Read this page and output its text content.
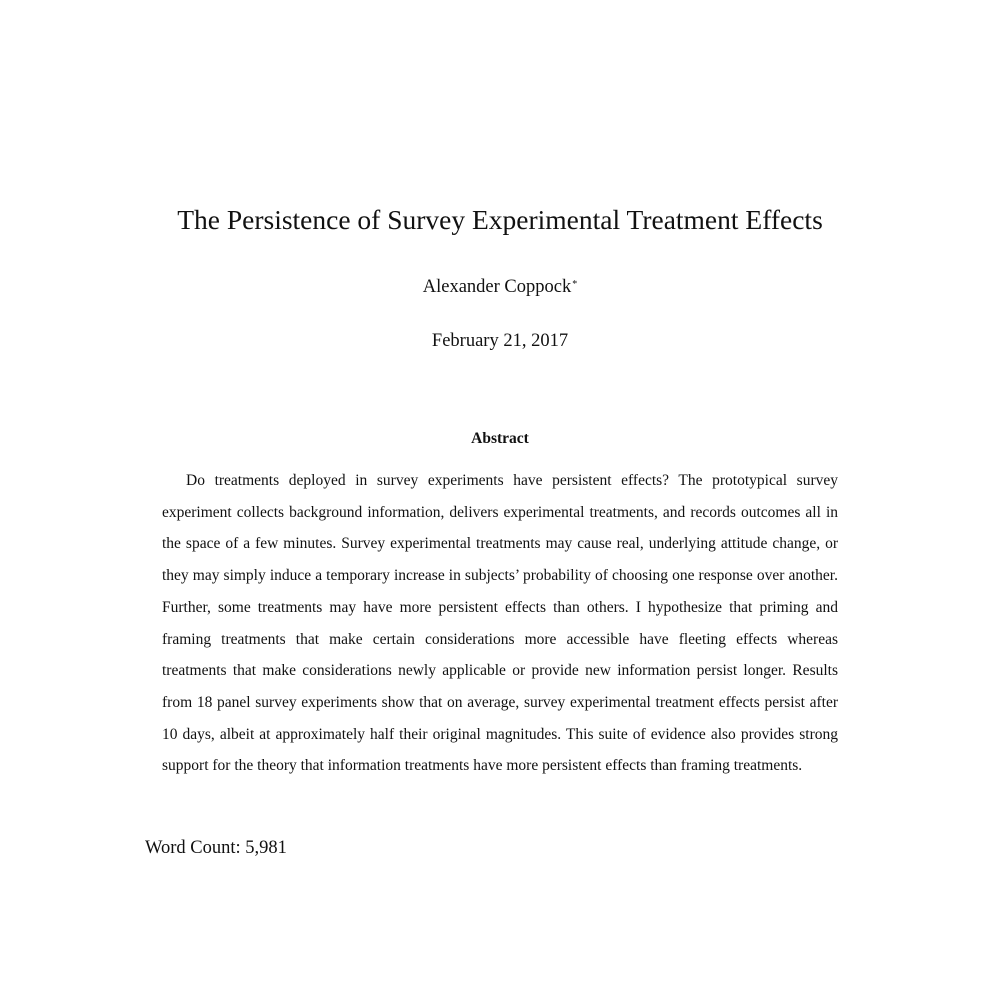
The Persistence of Survey Experimental Treatment Effects
Alexander Coppock*
February 21, 2017
Abstract

Do treatments deployed in survey experiments have persistent effects? The prototypical survey experiment collects background information, delivers experimental treatments, and records outcomes all in the space of a few minutes. Survey experimental treatments may cause real, underlying attitude change, or they may simply induce a temporary increase in subjects’ probability of choosing one response over another. Further, some treatments may have more persistent effects than others. I hypothesize that priming and framing treatments that make certain considerations more accessible have fleeting effects whereas treatments that make considerations newly applicable or provide new information persist longer. Results from 18 panel survey experiments show that on average, survey experimental treatment effects persist after 10 days, albeit at approximately half their original magnitudes. This suite of evidence also provides strong support for the theory that information treatments have more persistent effects than framing treatments.

Word Count: 5,981
